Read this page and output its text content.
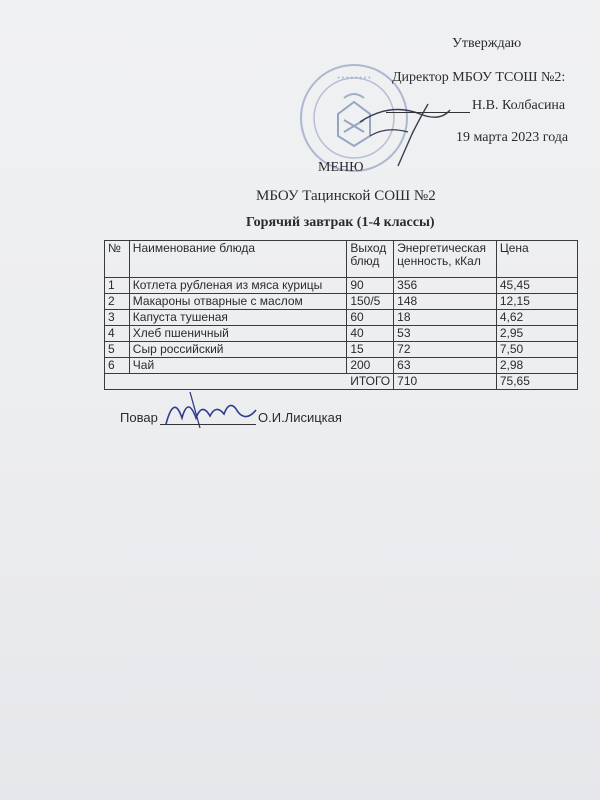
• • • • • • • •
Утверждаю
Директор МБОУ ТСОШ №2:
Н.В. Колбасина
19 марта 2023 года
МЕНЮ
МБОУ Тацинской СОШ №2
Горячий завтрак (1-4 классы)
№	Наименование блюда	Выход блюд	Энергетическая ценность, кКал	Цена
1	Котлета рубленая из мяса курицы	90	356	45,45
2	Макароны отварные с маслом	150/5	148	12,15
3	Капуста тушеная	60	18	4,62
4	Хлеб пшеничный	40	53	2,95
5	Сыр российский	15	72	7,50
6	Чай	200	63	2,98
ИТОГО			710	75,65
Повар	О.И.Лисицкая
